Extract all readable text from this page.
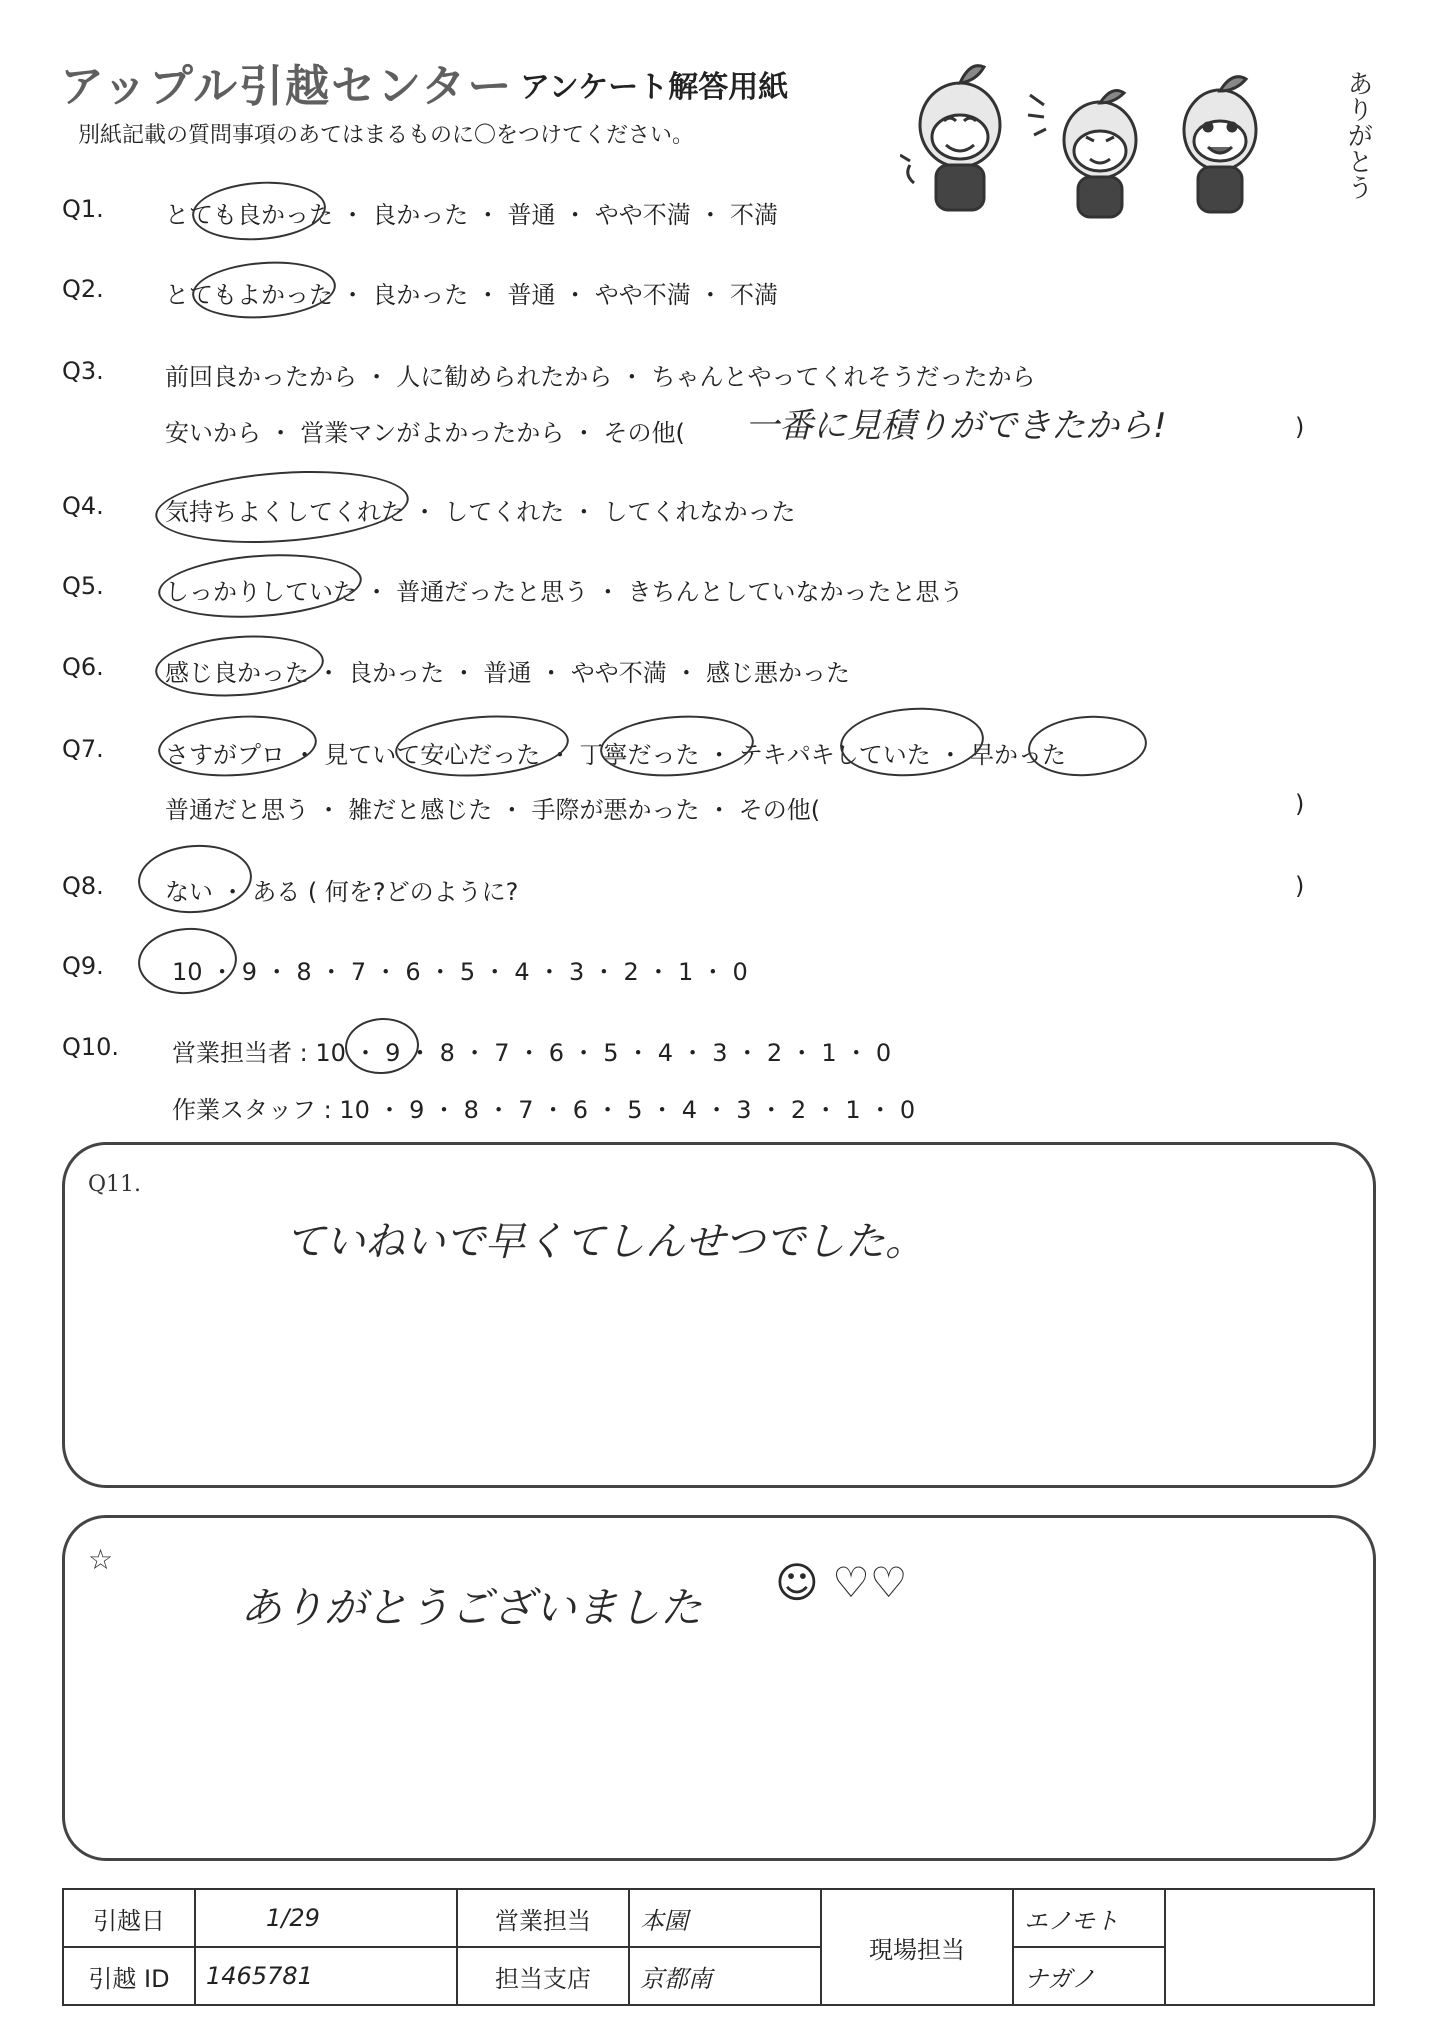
アップル引越センター アンケート解答用紙
別紙記載の質問事項のあてはまるものに〇をつけてください。	ありがとう
Q1.	とても良かった ・ 良かった ・ 普通 ・ やや不満 ・ 不満
Q2.	とてもよかった ・ 良かった ・ 普通 ・ やや不満 ・ 不満
Q3.	前回良かったから ・ 人に勧められたから ・ ちゃんとやってくれそうだったから
安いから ・ 営業マンがよかったから ・ その他(	)
一番に見積りができたから!
Q4.	気持ちよくしてくれた ・ してくれた ・ してくれなかった
Q5.	しっかりしていた ・ 普通だったと思う ・ きちんとしていなかったと思う
Q6.	感じ良かった ・ 良かった ・ 普通 ・ やや不満 ・ 感じ悪かった
Q7.	さすがプロ ・ 見ていて安心だった ・ 丁寧だった ・ テキパキしていた ・ 早かった
普通だと思う ・ 雑だと感じた ・ 手際が悪かった ・ その他(	)
Q8.	ない ・ ある ( 何を?どのように?	)
Q9.	10 ・ 9 ・ 8 ・ 7 ・ 6 ・ 5 ・ 4 ・ 3 ・ 2 ・ 1 ・ 0
Q10. 営業担当者 : 10 ・ 9 ・ 8 ・ 7 ・ 6 ・ 5 ・ 4 ・ 3 ・ 2 ・ 1 ・ 0
作業スタッフ : 10 ・ 9 ・ 8 ・ 7 ・ 6 ・ 5 ・ 4 ・ 3 ・ 2 ・ 1 ・ 0
Q11.
ていねいで早くてしんせつでした。
☆
ありがとうございました
☺ ♡♡
引越日	1/29	営業担当	本園	現場担当	エノモト	
引越 ID	1465781	担当支店	京都南		ナガノ	
